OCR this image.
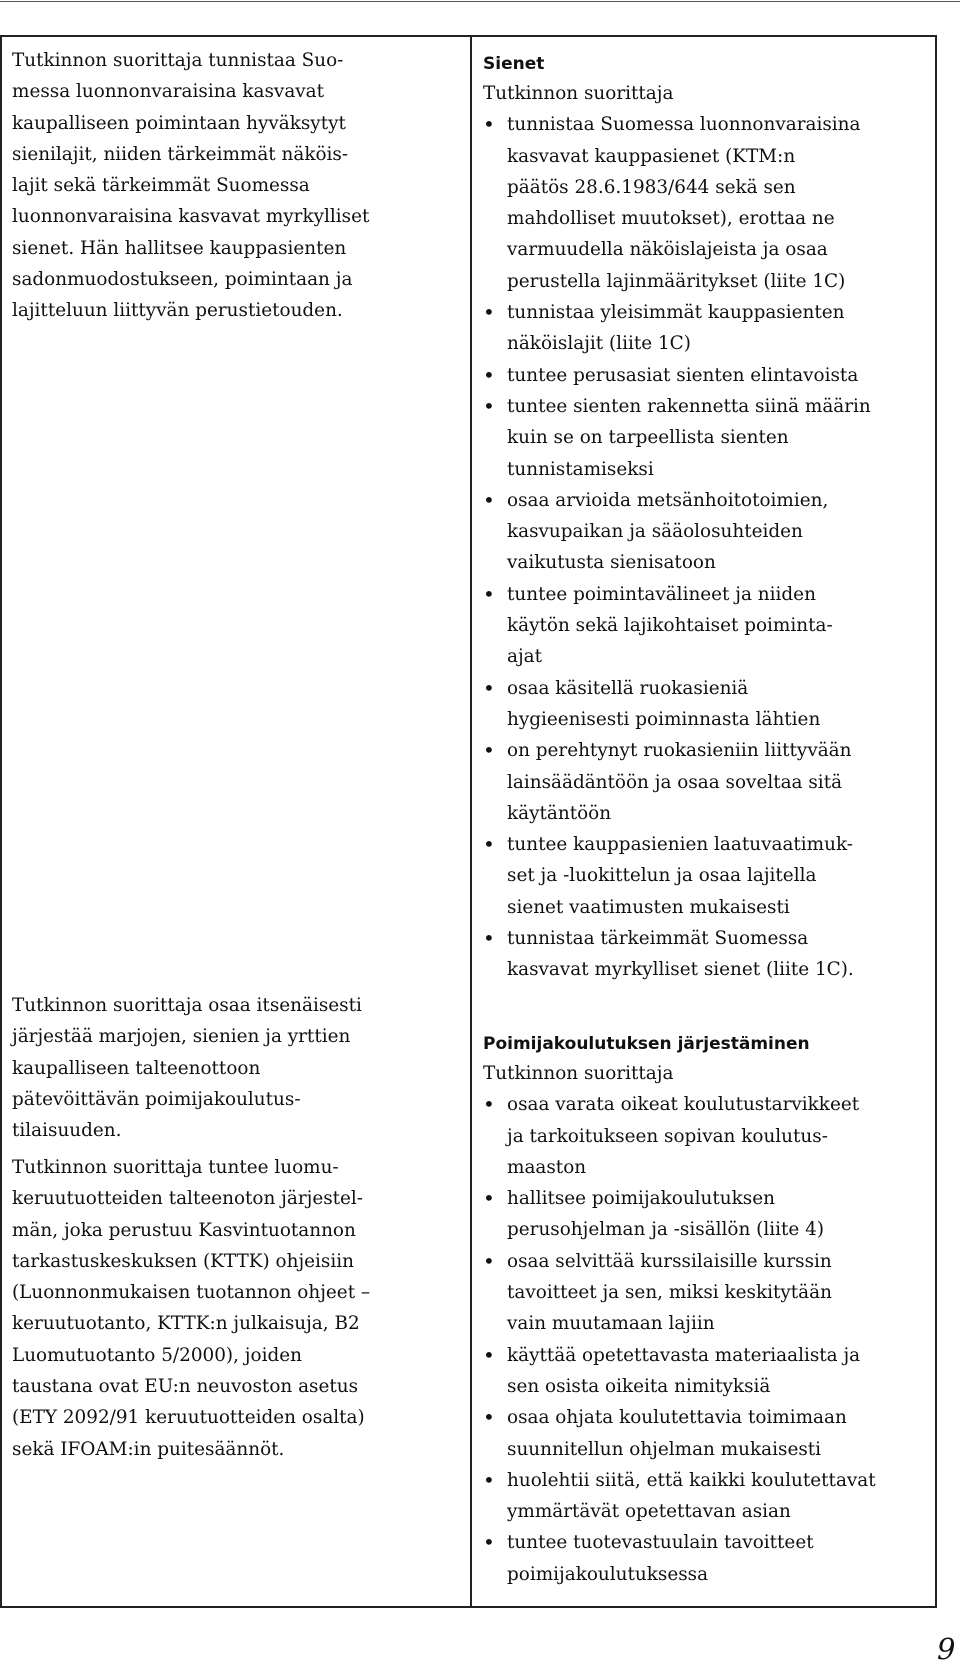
Tutkinnon suorittaja tunnistaa Suo-
messa luonnonvaraisina kasvavat
kaupalliseen poimintaan hyväksytyt
sienilajit, niiden tärkeimmät näköis-
lajit sekä tärkeimmät Suomessa
luonnonvaraisina kasvavat myrkylliset
sienet. Hän hallitsee kauppasienten
sadonmuodostukseen, poimintaan ja
lajitteluun liittyvän perustietouden.

Tutkinnon suorittaja osaa itsenäisesti
järjestää marjojen, sienien ja yrttien
kaupalliseen talteenottoon
pätevöittävän poimijakoulutus-
tilaisuuden.

Tutkinnon suorittaja tuntee luomu-
keruutuotteiden talteenoton järjestel-
män, joka perustuu Kasvintuotannon
tarkastuskeskuksen (KTTK) ohjeisiin
(Luonnonmukaisen tuotannon ohjeet –
keruutuotanto, KTTK:n julkaisuja, B2
Luomutuotanto 5/2000), joiden
taustana ovat EU:n neuvoston asetus
(ETY 2092/91 keruutuotteiden osalta)
sekä IFOAM:in puitesäännöt.

Sienet

Tutkinnon suorittaja

• tunnistaa Suomessa luonnonvaraisina
kasvavat kauppasienet (KTM:n
päätös 28.6.1983/644 sekä sen
mahdolliset muutokset), erottaa ne
varmuudella näköislajeista ja osaa
perustella lajinmääritykset (liite 1C)
• tunnistaa yleisimmät kauppasienten
näköislajit (liite 1C)
• tuntee perusasiat sienten elintavoista
• tuntee sienten rakennetta siinä määrin
kuin se on tarpeellista sienten
tunnistamiseksi
• osaa arvioida metsänhoitotoimien,
kasvupaikan ja sääolosuhteiden
vaikutusta sienisatoon
• tuntee poimintavälineet ja niiden
käytön sekä lajikohtaiset poiminta-
ajat
• osaa käsitellä ruokasieniä
hygieenisesti poiminnasta lähtien
• on perehtynyt ruokasieniin liittyvään
lainsäädäntöön ja osaa soveltaa sitä
käytäntöön
• tuntee kauppasienien laatuvaatimuk-
set ja -luokittelun ja osaa lajitella
sienet vaatimusten mukaisesti
• tunnistaa tärkeimmät Suomessa
kasvavat myrkylliset sienet (liite 1C).

Poimijakoulutuksen järjestäminen

Tutkinnon suorittaja

• osaa varata oikeat koulutustarvikkeet
ja tarkoitukseen sopivan koulutus-
maaston
• hallitsee poimijakoulutuksen
perusohjelman ja -sisällön (liite 4)
• osaa selvittää kurssilaisille kurssin
tavoitteet ja sen, miksi keskitytään
vain muutamaan lajiin
• käyttää opetettavasta materiaalista ja
sen osista oikeita nimityksiä
• osaa ohjata koulutettavia toimimaan
suunnitellun ohjelman mukaisesti
• huolehtii siitä, että kaikki koulutettavat
ymmärtävät opetettavan asian
• tuntee tuotevastuulain tavoitteet
poimijakoulutuksessa
9
